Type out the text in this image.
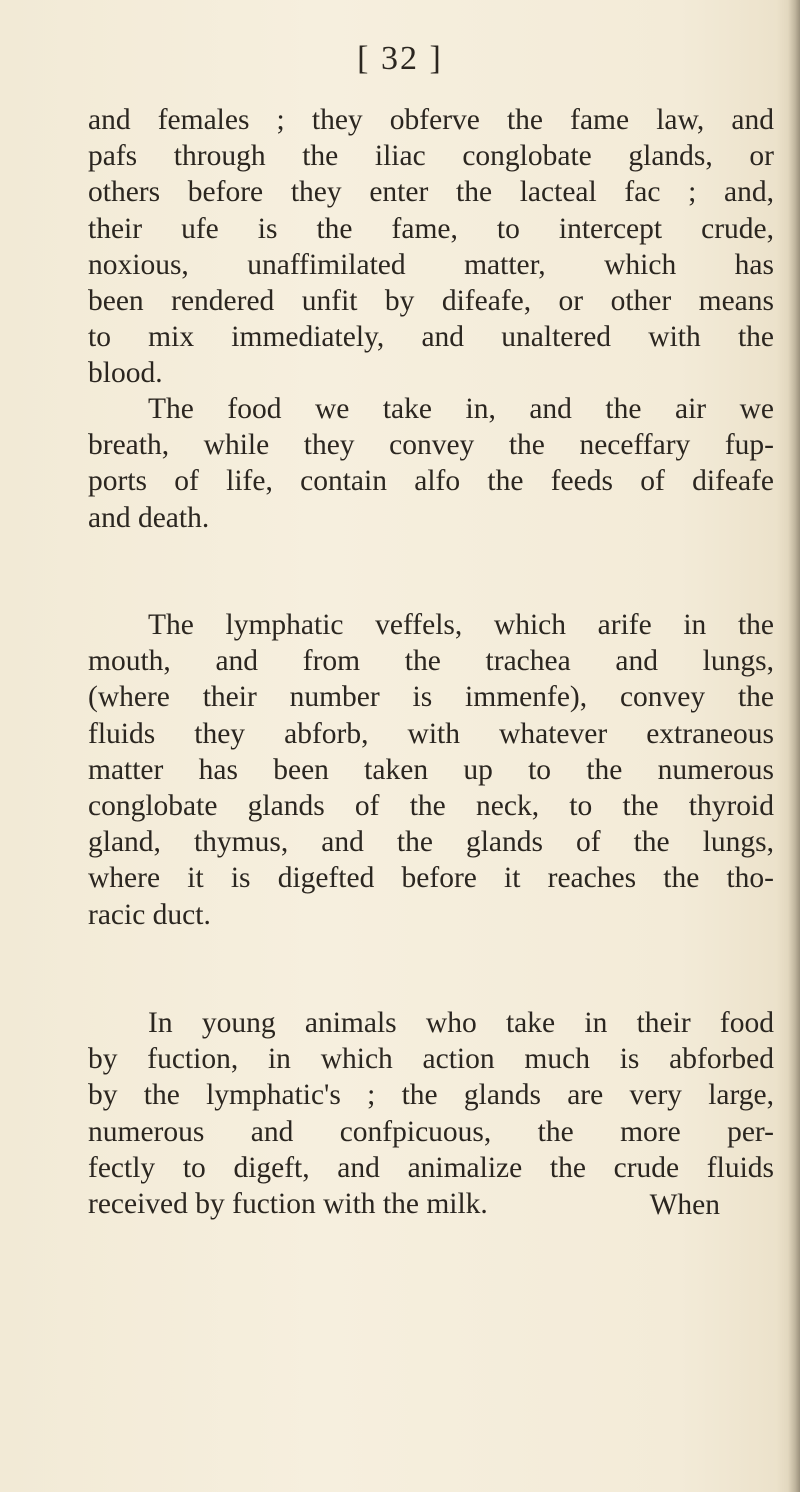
[ 32 ]
and females ; they obferve the fame law, and
pafs through the iliac conglobate glands, or
others before they enter the lacteal fac ; and,
their ufe is the fame, to intercept crude,
noxious, unaffimilated matter, which has
been rendered unfit by difeafe, or other means
to mix immediately, and unaltered with the
blood.
The food we take in, and the air we
breath, while they convey the neceffary fup-
ports of life, contain alfo the feeds of difeafe
and death.
The lymphatic veffels, which arife in the
mouth, and from the trachea and lungs,
(where their number is immenfe), convey the
fluids they abforb, with whatever extraneous
matter has been taken up to the numerous
conglobate glands of the neck, to the thyroid
gland, thymus, and the glands of the lungs,
where it is digefted before it reaches the tho-
racic duct.
In young animals who take in their food
by fuction, in which action much is abforbed
by the lymphatic's ; the glands are very large,
numerous and confpicuous, the more per-
fectly to digeft, and animalize the crude fluids
received by fuction with the milk.	When
